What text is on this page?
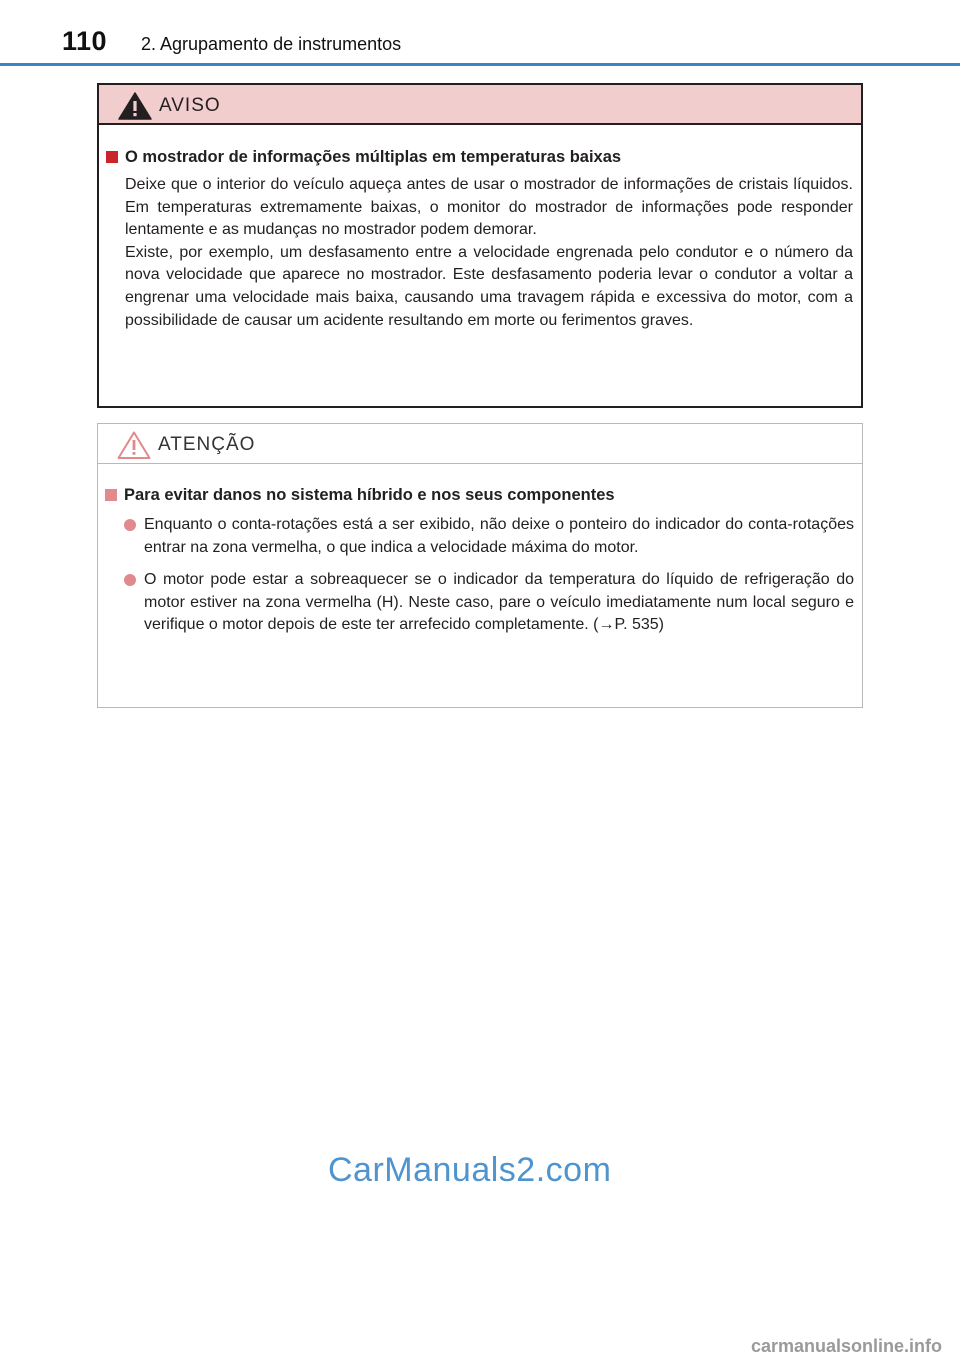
110 2. Agrupamento de instrumentos
AVISO
O mostrador de informações múltiplas em temperaturas baixas

Deixe que o interior do veículo aqueça antes de usar o mostrador de informações de cristais líquidos. Em temperaturas extremamente baixas, o monitor do mostrador de informações pode responder lentamente e as mudanças no mostrador podem demorar.

Existe, por exemplo, um desfasamento entre a velocidade engrenada pelo condutor e o número da nova velocidade que aparece no mostrador. Este desfasamento poderia levar o condutor a voltar a engrenar uma velocidade mais baixa, causando uma travagem rápida e excessiva do motor, com a possibilidade de causar um acidente resultando em morte ou ferimentos graves.

ATENÇÃO
Para evitar danos no sistema híbrido e nos seus componentes

Enquanto o conta-rotações está a ser exibido, não deixe o ponteiro do indicador do conta-rotações entrar na zona vermelha, o que indica a velocidade máxima do motor.

O motor pode estar a sobreaquecer se o indicador da temperatura do líquido de refrigeração do motor estiver na zona vermelha (H). Neste caso, pare o veículo imediatamente num local seguro e verifique o motor depois de este ter arrefecido completamente. (→P. 535)

CarManuals2.com
carmanualsonline.info
